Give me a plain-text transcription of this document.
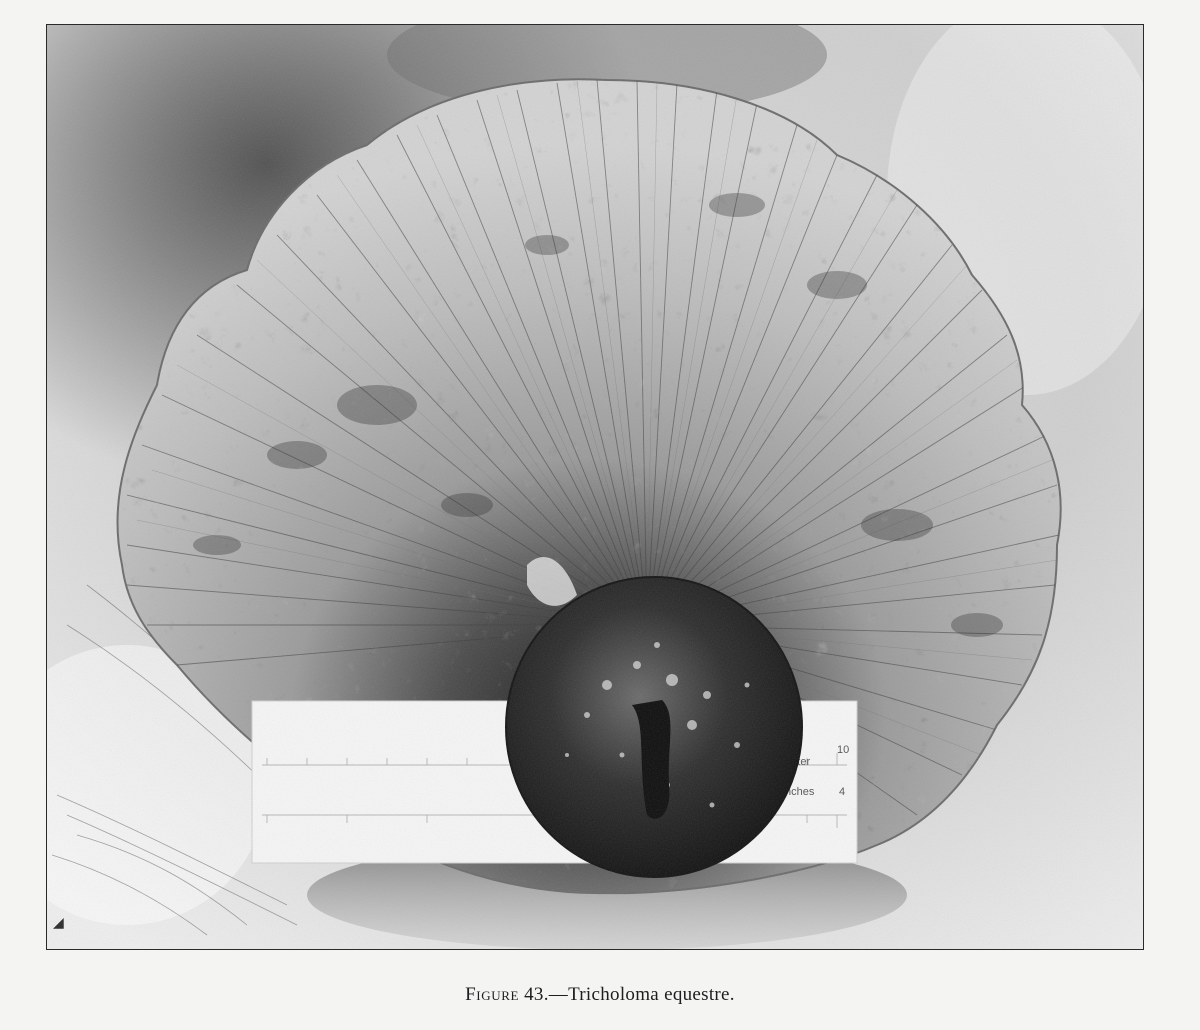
◢
Figure 43.—Tricholoma equestre.
